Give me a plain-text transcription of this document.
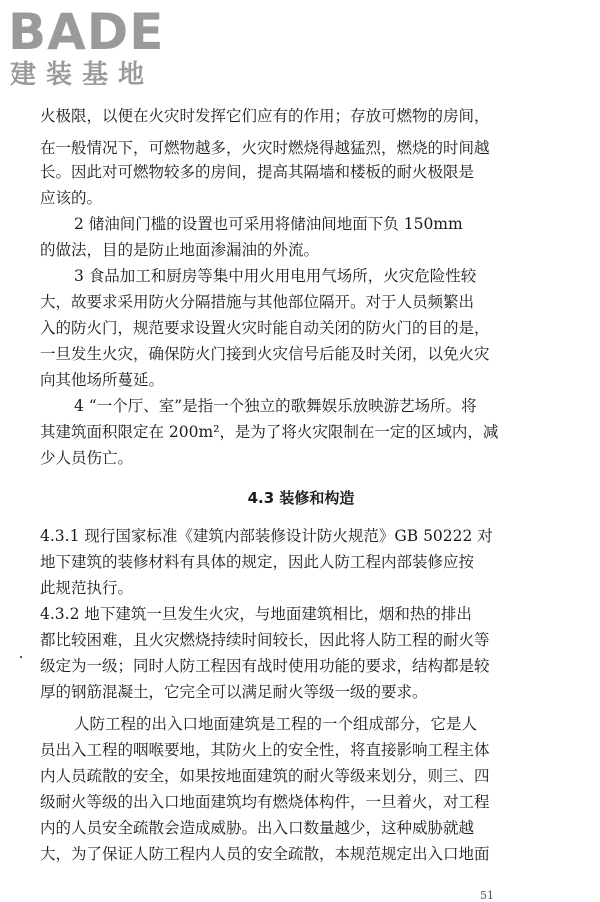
BADE
建装基地
火极限，以便在火灾时发挥它们应有的作用；存放可燃物的房间，
在一般情况下，可燃物越多，火灾时燃烧得越猛烈，燃烧的时间越
长。因此对可燃物较多的房间，提高其隔墙和楼板的耐火极限是
应该的。
2 储油间门槛的设置也可采用将储油间地面下负 150mm
的做法，目的是防止地面渗漏油的外流。
3 食品加工和厨房等集中用火用电用气场所，火灾危险性较
大，故要求采用防火分隔措施与其他部位隔开。对于人员频繁出
入的防火门，规范要求设置火灾时能自动关闭的防火门的目的是，
一旦发生火灾，确保防火门接到火灾信号后能及时关闭，以免火灾
向其他场所蔓延。
4 “一个厅、室”是指一个独立的歌舞娱乐放映游艺场所。将
其建筑面积限定在 200m²，是为了将火灾限制在一定的区域内，减
少人员伤亡。
4.3 装修和构造
4.3.1 现行国家标准《建筑内部装修设计防火规范》GB 50222 对
地下建筑的装修材料有具体的规定，因此人防工程内部装修应按
此规范执行。
4.3.2 地下建筑一旦发生火灾，与地面建筑相比，烟和热的排出
都比较困难，且火灾燃烧持续时间较长，因此将人防工程的耐火等
级定为一级；同时人防工程因有战时使用功能的要求，结构都是较
厚的钢筋混凝土，它完全可以满足耐火等级一级的要求。
人防工程的出入口地面建筑是工程的一个组成部分，它是人
员出入工程的咽喉要地，其防火上的安全性，将直接影响工程主体
内人员疏散的安全，如果按地面建筑的耐火等级来划分，则三、四
级耐火等级的出入口地面建筑均有燃烧体构件，一旦着火，对工程
内的人员安全疏散会造成威胁。出入口数量越少，这种威胁就越
大，为了保证人防工程内人员的安全疏散，本规范规定出入口地面
51
